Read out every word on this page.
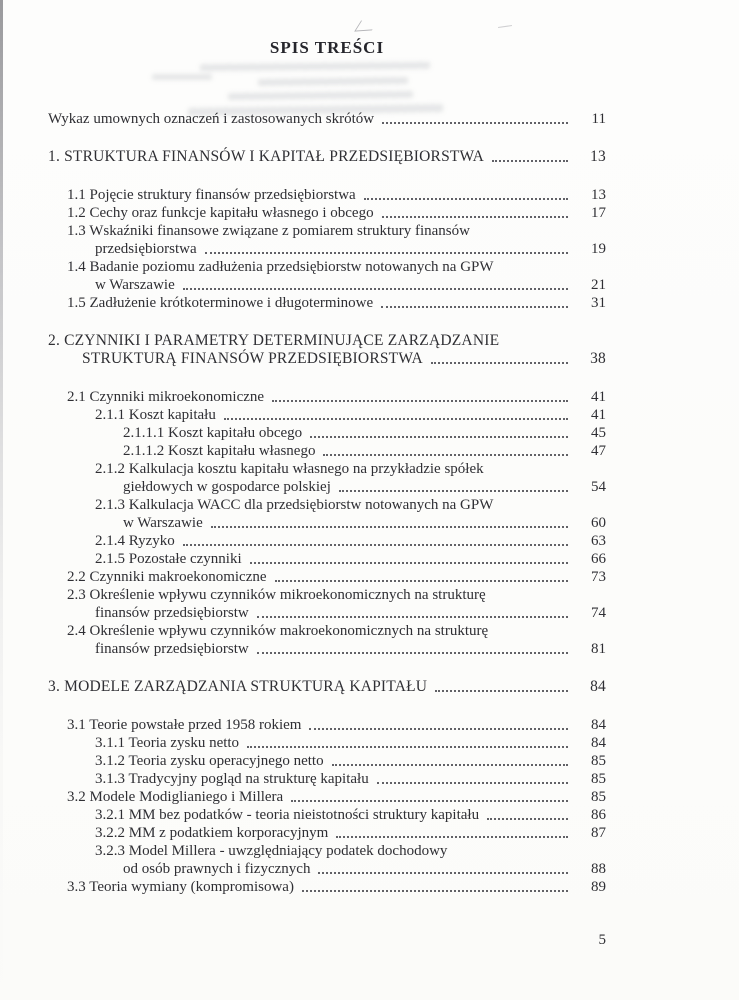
SPIS TREŚCI
Wykaz umownych oznaczeń i zastosowanych skrótów	11
1. STRUKTURA FINANSÓW I KAPITAŁ PRZEDSIĘBIORSTWA	13
1.1 Pojęcie struktury finansów przedsiębiorstwa	13
1.2 Cechy oraz funkcje kapitału własnego i obcego	17
1.3 Wskaźniki finansowe związane z pomiarem struktury finansów
przedsiębiorstwa	19
1.4 Badanie poziomu zadłużenia przedsiębiorstw notowanych na GPW
w Warszawie	21
1.5 Zadłużenie krótkoterminowe i długoterminowe	31
2. CZYNNIKI I PARAMETRY DETERMINUJĄCE ZARZĄDZANIE
STRUKTURĄ FINANSÓW PRZEDSIĘBIORSTWA	38
2.1 Czynniki mikroekonomiczne	41
2.1.1 Koszt kapitału	41
2.1.1.1 Koszt kapitału obcego	45
2.1.1.2 Koszt kapitału własnego	47
2.1.2 Kalkulacja kosztu kapitału własnego na przykładzie spółek
giełdowych w gospodarce polskiej	54
2.1.3 Kalkulacja WACC dla przedsiębiorstw notowanych na GPW
w Warszawie	60
2.1.4 Ryzyko	63
2.1.5 Pozostałe czynniki	66
2.2 Czynniki makroekonomiczne	73
2.3 Określenie wpływu czynników mikroekonomicznych na strukturę
finansów przedsiębiorstw	74
2.4 Określenie wpływu czynników makroekonomicznych na strukturę
finansów przedsiębiorstw	81
3. MODELE ZARZĄDZANIA STRUKTURĄ KAPITAŁU	84
3.1 Teorie powstałe przed 1958 rokiem	84
3.1.1 Teoria zysku netto	84
3.1.2 Teoria zysku operacyjnego netto	85
3.1.3 Tradycyjny pogląd na strukturę kapitału	85
3.2 Modele Modiglianiego i Millera	85
3.2.1 MM bez podatków - teoria nieistotności struktury kapitału	86
3.2.2 MM z podatkiem korporacyjnym	87
3.2.3 Model Millera - uwzględniający podatek dochodowy
od osób prawnych i fizycznych	88
3.3 Teoria wymiany (kompromisowa)	89
5
